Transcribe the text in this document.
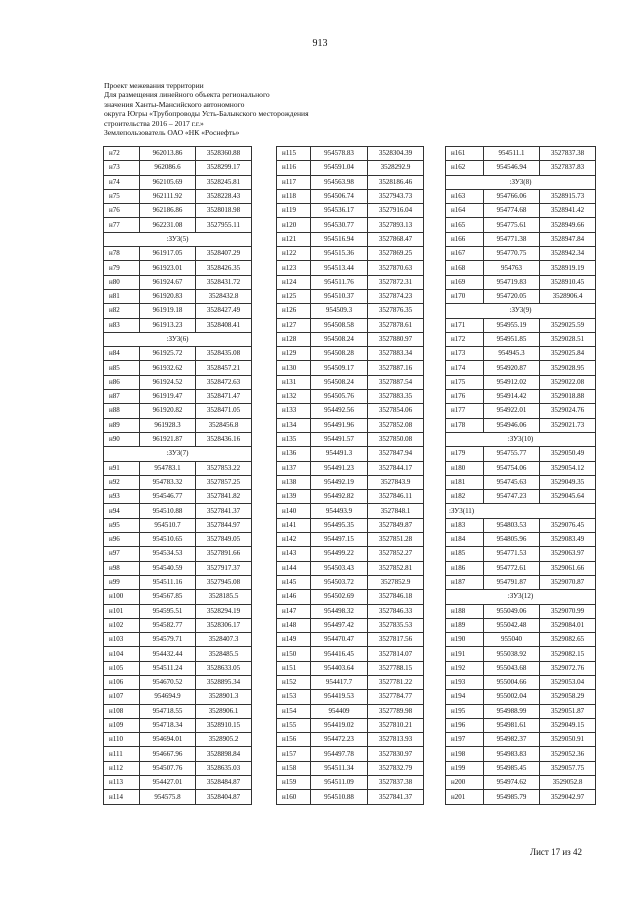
913
Проект межевания территории
Для размещения линейного объекта регионального
значения Ханты-Мансийского автономного
округа Югры «Трубопроводы Усть-Балыкского месторождения
строительства 2016 – 2017 г.г.»
Землепользователь ОАО «НК «Роснефть»
н72	962013.86	3528360.88
н73	962086.6	3528299.17
н74	962105.69	3528245.81
н75	962111.92	3528228.43
н76	962186.86	3528018.98
н77	962231.08	3527955.11
:ЗУ3(5)		
н78	961917.05	3528407.29
н79	961923.01	3528426.35
н80	961924.67	3528431.72
н81	961920.83	3528432.8
н82	961919.18	3528427.49
н83	961913.23	3528408.41
:ЗУ3(6)		
н84	961925.72	3528435.08
н85	961932.62	3528457.21
н86	961924.52	3528472.63
н87	961919.47	3528471.47
н88	961920.82	3528471.05
н89	961928.3	3528456.8
н90	961921.87	3528436.16
:ЗУ3(7)		
н91	954783.1	3527853.22
н92	954783.32	3527857.25
н93	954546.77	3527841.82
н94	954510.88	3527841.37
н95	954510.7	3527844.97
н96	954510.65	3527849.05
н97	954534.53	3527891.66
н98	954540.59	3527917.37
н99	954511.16	3527945.08
н100	954567.85	3528185.5
н101	954595.51	3528294.19
н102	954582.77	3528306.17
н103	954579.71	3528407.3
н104	954432.44	3528485.5
н105	954511.24	3528633.05
н106	954670.52	3528895.34
н107	954694.9	3528901.3
н108	954718.55	3528906.1
н109	954718.34	3528910.15
н110	954694.01	3528905.2
н111	954667.96	3528898.84
н112	954507.76	3528635.03
н113	954427.01	3528484.87
н114	954575.8	3528404.87
н115	954578.83	3528304.39
н116	954591.04	3528292.9
н117	954563.98	3528186.46
н118	954506.74	3527943.73
н119	954536.17	3527916.04
н120	954530.77	3527893.13
н121	954516.94	3527868.47
н122	954515.36	3527869.25
н123	954513.44	3527870.63
н124	954511.76	3527872.31
н125	954510.37	3527874.23
н126	954509.3	3527876.35
н127	954508.58	3527878.61
н128	954508.24	3527880.97
н129	954508.28	3527883.34
н130	954509.17	3527887.16
н131	954508.24	3527887.54
н132	954505.76	3527883.35
н133	954492.56	3527854.06
н134	954491.96	3527852.08
н135	954491.57	3527850.08
н136	954491.3	3527847.94
н137	954491.23	3527844.17
н138	954492.19	3527843.9
н139	954492.82	3527846.11
н140	954493.9	3527848.1
н141	954495.35	3527849.87
н142	954497.15	3527851.28
н143	954499.22	3527852.27
н144	954503.43	3527852.81
н145	954503.72	3527852.9
н146	954502.69	3527846.18
н147	954498.32	3527846.33
н148	954497.42	3527835.53
н149	954470.47	3527817.56
н150	954416.45	3527814.07
н151	954403.64	3527788.15
н152	954417.7	3527781.22
н153	954419.53	3527784.77
н154	954409	3527789.98
н155	954419.02	3527810.21
н156	954472.23	3527813.93
н157	954497.78	3527830.97
н158	954511.34	3527832.79
н159	954511.09	3527837.38
н160	954510.88	3527841.37
н161	954511.1	3527837.38
н162	954546.94	3527837.83
:ЗУ3(8)		
н163	954766.06	3528915.73
н164	954774.68	3528941.42
н165	954775.61	3528949.66
н166	954771.38	3528947.84
н167	954770.75	3528942.34
н168	954763	3528919.19
н169	954719.83	3528910.45
н170	954720.05	3528906.4
:ЗУ3(9)		
н171	954955.19	3529025.59
н172	954951.85	3529028.51
н173	954945.3	3529025.84
н174	954920.87	3529028.95
н175	954912.02	3529022.08
н176	954914.42	3529018.88
н177	954922.01	3529024.76
н178	954946.06	3529021.73
:ЗУ3(10)		
н179	954755.77	3529050.49
н180	954754.06	3529054.12
н181	954745.63	3529049.35
н182	954747.23	3529045.64
:ЗУ3(11)		
н183	954803.53	3529076.45
н184	954805.96	3529083.49
н185	954771.53	3529063.97
н186	954772.61	3529061.66
н187	954791.87	3529070.87
:ЗУ3(12)		
н188	955049.06	3529070.99
н189	955042.48	3529084.01
н190	955040	3529082.65
н191	955038.92	3529082.15
н192	955043.68	3529072.76
н193	955004.66	3529053.04
н194	955002.04	3529058.29
н195	954988.99	3529051.87
н196	954981.61	3529049.15
н197	954982.37	3529050.91
н198	954983.83	3529052.36
н199	954985.45	3529057.75
н200	954974.62	3529052.8
н201	954985.79	3529042.97
Лист 17 из 42
